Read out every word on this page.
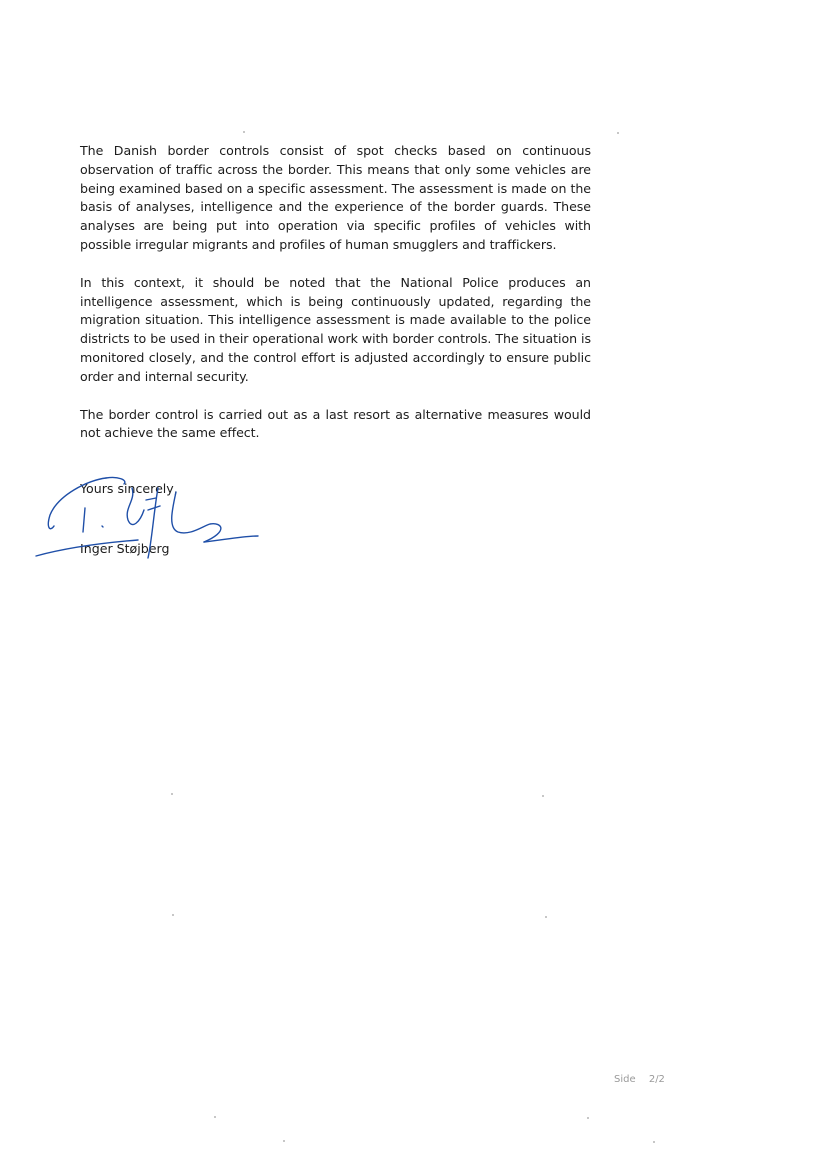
The Danish border controls consist of spot checks based on continuous observation of traffic across the border. This means that only some vehicles are being examined based on a specific assessment. The assessment is made on the basis of analyses, intelligence and the experience of the border guards. These analyses are being put into operation via specific profiles of vehicles with possible irregular migrants and profiles of human smugglers and traffickers.

In this context, it should be noted that the National Police produces an intelligence assessment, which is being continuously updated, regarding the migration situation. This intelligence assessment is made available to the police districts to be used in their operational work with border controls. The situation is monitored closely, and the control effort is adjusted accordingly to ensure public order and internal security.

The border control is carried out as a last resort as alternative measures would not achieve the same effect.

Yours sincerely,
Inger Støjberg
Side 2/2
